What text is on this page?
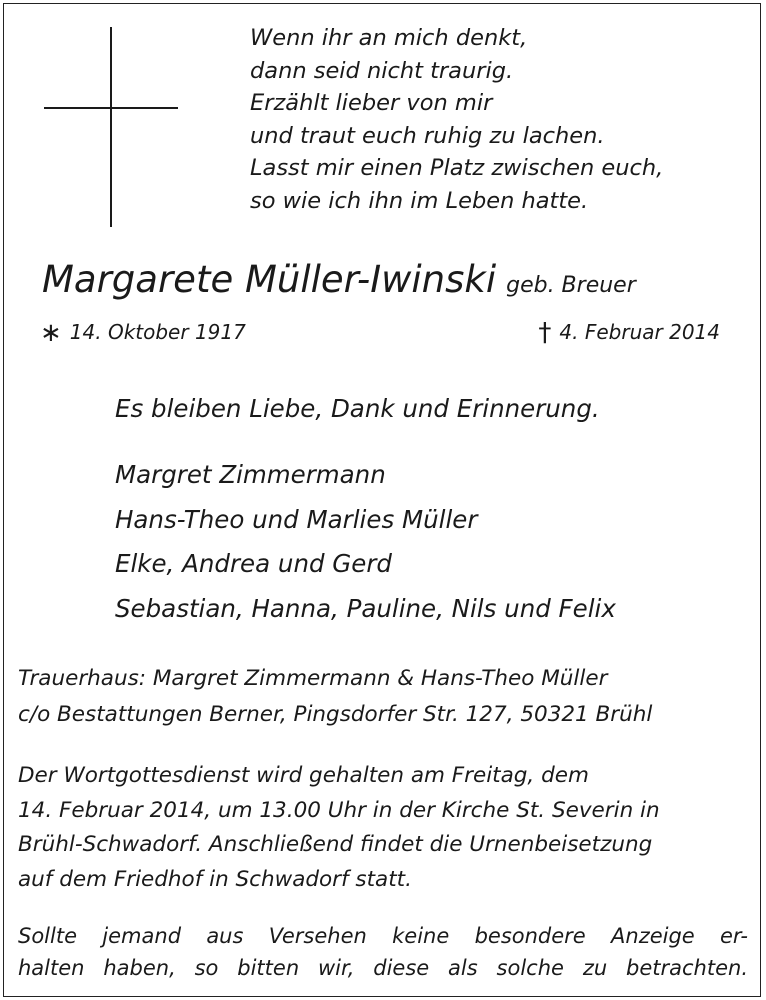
Wenn ihr an mich denkt,
dann seid nicht traurig.
Erzählt lieber von mir
und traut euch ruhig zu lachen.
Lasst mir einen Platz zwischen euch,
so wie ich ihn im Leben hatte.
Margarete Müller-Iwinski geb. Breuer
∗ 14. Oktober 1917	† 4. Februar 2014
Es bleiben Liebe, Dank und Erinnerung.
Margret Zimmermann
Hans-Theo und Marlies Müller
Elke, Andrea und Gerd
Sebastian, Hanna, Pauline, Nils und Felix
Trauerhaus: Margret Zimmermann & Hans-Theo Müller
c/o Bestattungen Berner, Pingsdorfer Str. 127, 50321 Brühl
Der Wortgottesdienst wird gehalten am Freitag, dem
14. Februar 2014, um 13.00 Uhr in der Kirche St. Severin in
Brühl-Schwadorf. Anschließend findet die Urnenbeisetzung
auf dem Friedhof in Schwadorf statt.
Sollte jemand aus Versehen keine besondere Anzeige er-
halten haben, so bitten wir, diese als solche zu betrachten.
